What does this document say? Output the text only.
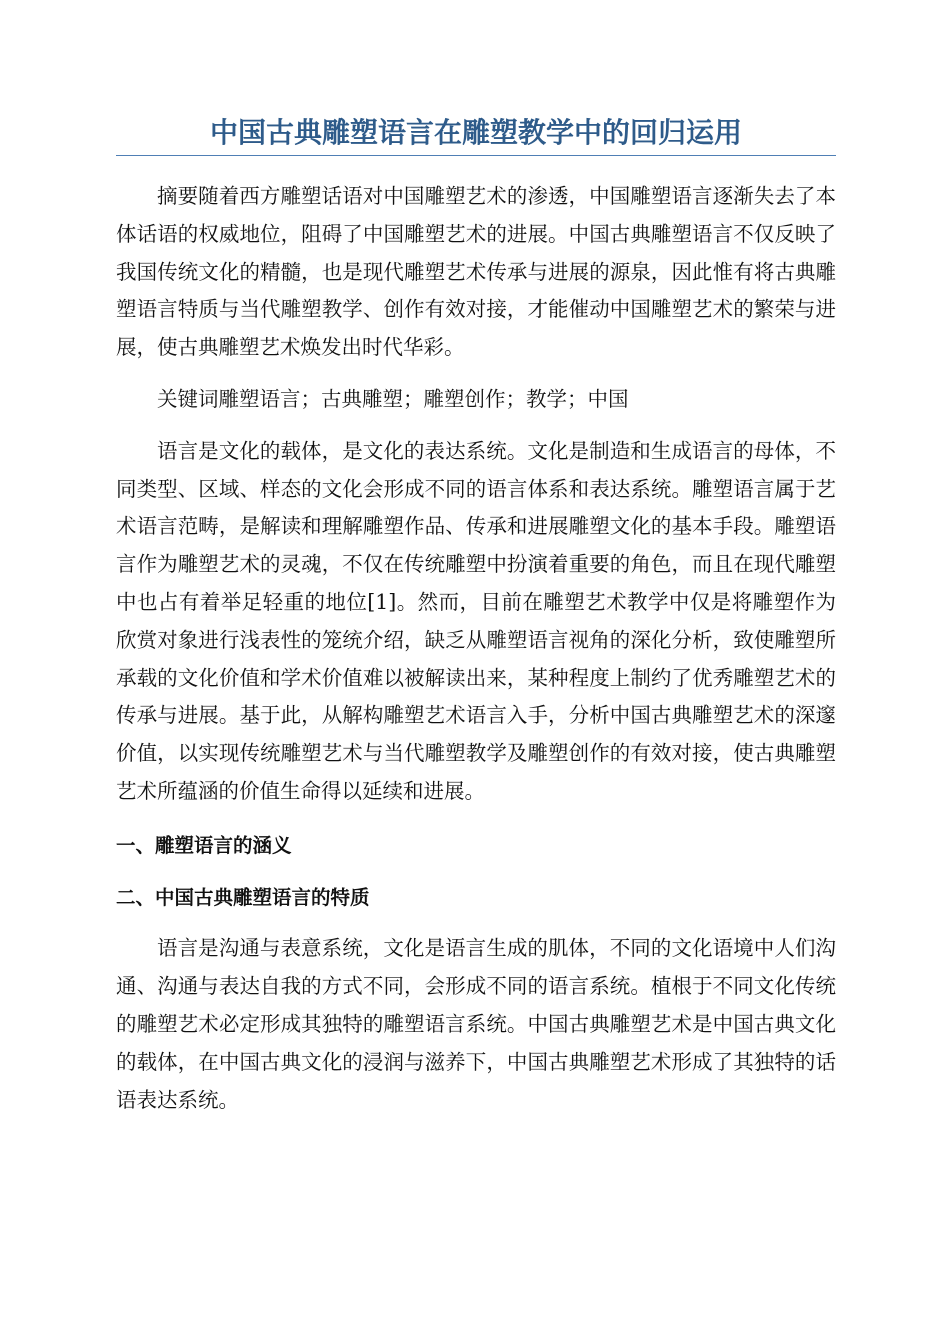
中国古典雕塑语言在雕塑教学中的回归运用

摘要随着西方雕塑话语对中国雕塑艺术的渗透，中国雕塑语言逐渐失去了本体话语的权威地位，阻碍了中国雕塑艺术的进展。中国古典雕塑语言不仅反映了我国传统文化的精髓，也是现代雕塑艺术传承与进展的源泉，因此惟有将古典雕塑语言特质与当代雕塑教学、创作有效对接，才能催动中国雕塑艺术的繁荣与进展，使古典雕塑艺术焕发出时代华彩。

关键词雕塑语言；古典雕塑；雕塑创作；教学；中国

语言是文化的载体，是文化的表达系统。文化是制造和生成语言的母体，不同类型、区域、样态的文化会形成不同的语言体系和表达系统。雕塑语言属于艺术语言范畴，是解读和理解雕塑作品、传承和进展雕塑文化的基本手段。雕塑语言作为雕塑艺术的灵魂，不仅在传统雕塑中扮演着重要的角色，而且在现代雕塑中也占有着举足轻重的地位[1]。然而，目前在雕塑艺术教学中仅是将雕塑作为欣赏对象进行浅表性的笼统介绍，缺乏从雕塑语言视角的深化分析，致使雕塑所承载的文化价值和学术价值难以被解读出来，某种程度上制约了优秀雕塑艺术的传承与进展。基于此，从解构雕塑艺术语言入手，分析中国古典雕塑艺术的深邃价值，以实现传统雕塑艺术与当代雕塑教学及雕塑创作的有效对接，使古典雕塑艺术所蕴涵的价值生命得以延续和进展。

一、雕塑语言的涵义
二、中国古典雕塑语言的特质

语言是沟通与表意系统，文化是语言生成的肌体，不同的文化语境中人们沟通、沟通与表达自我的方式不同，会形成不同的语言系统。植根于不同文化传统的雕塑艺术必定形成其独特的雕塑语言系统。中国古典雕塑艺术是中国古典文化的载体，在中国古典文化的浸润与滋养下，中国古典雕塑艺术形成了其独特的话语表达系统。
